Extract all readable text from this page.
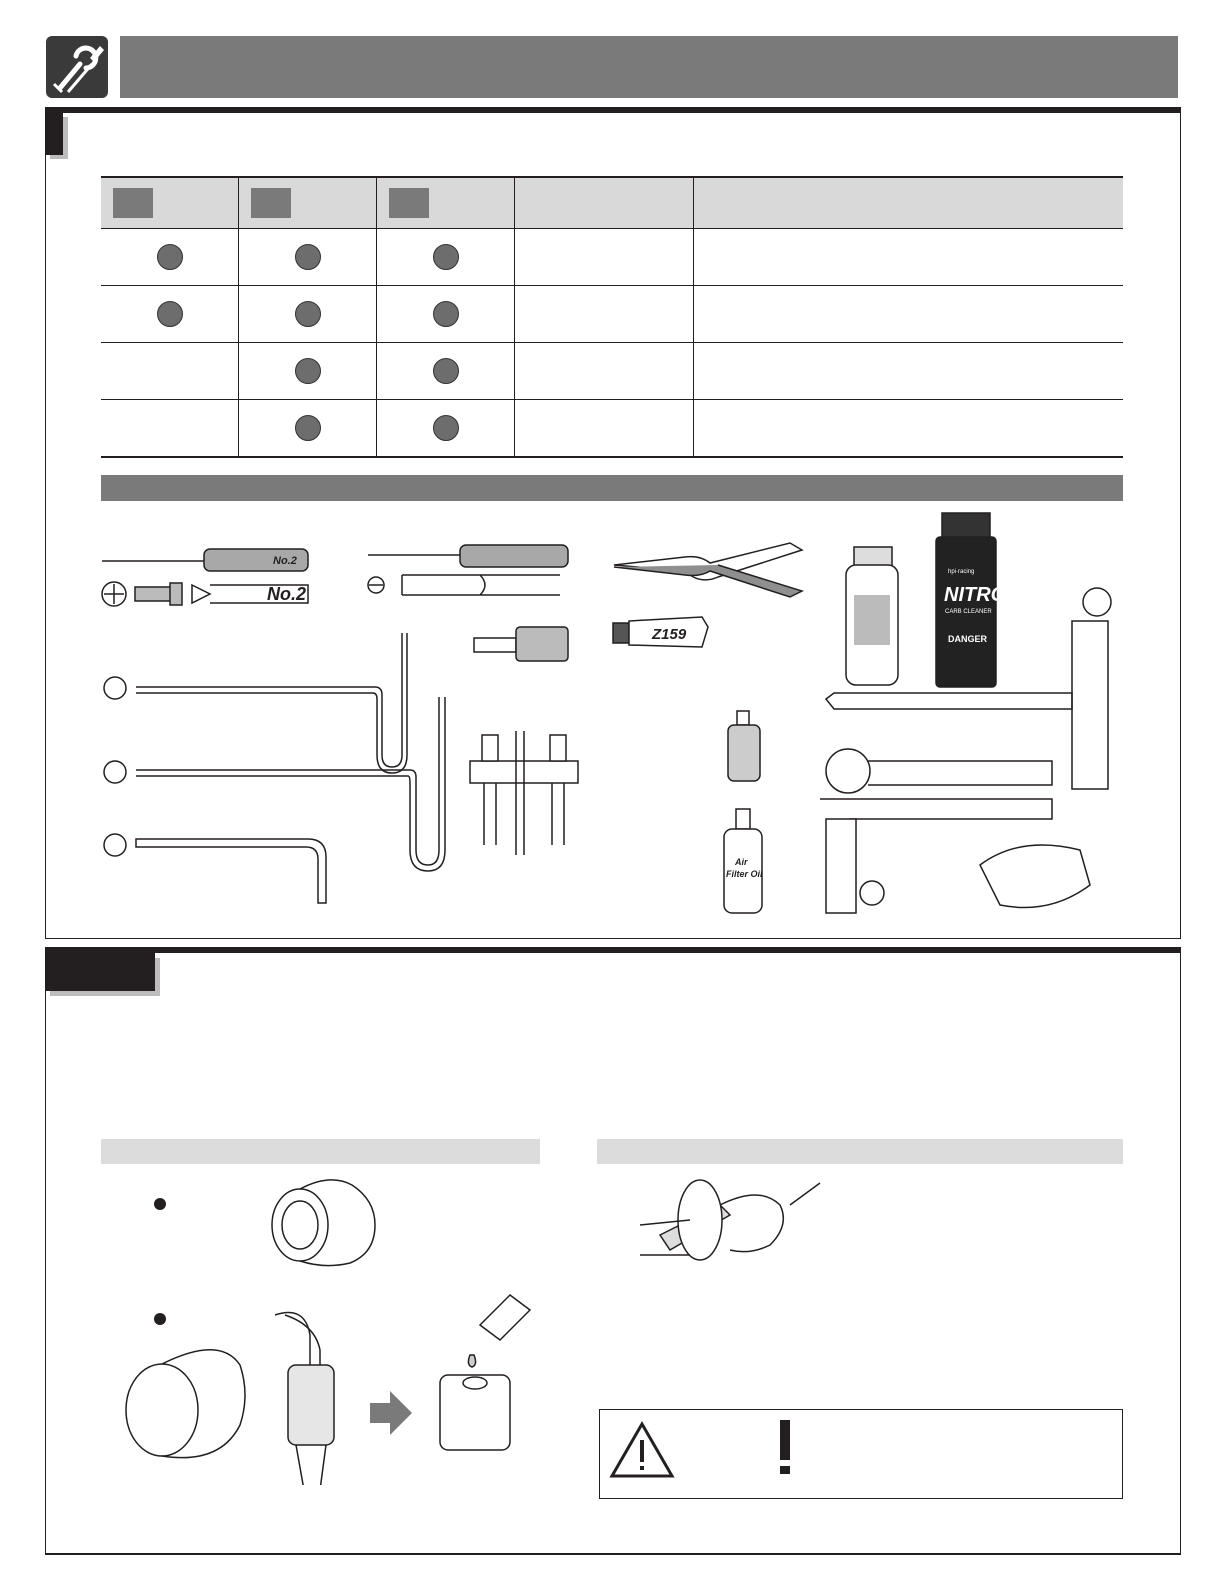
No.2
No.2
Z159
hpi·racing
NITRO
CARB CLEANER
DANGER
Air
Filter Oil
